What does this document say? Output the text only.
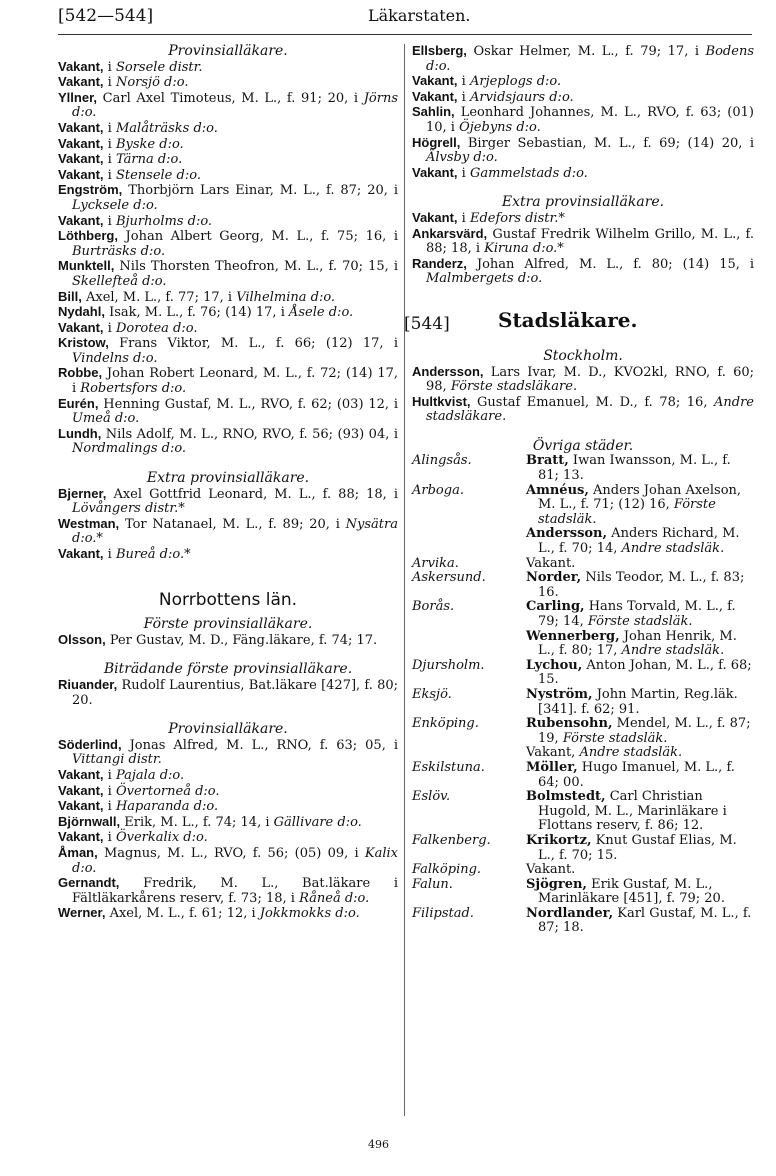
[542—544]	Läkarstaten.
Provinsialläkare.
Vakant, i Sorsele distr.
Vakant, i Norsjö d:o.
Yllner, Carl Axel Timoteus, M. L., f. 91; 20, i Jörns d:o.
Vakant, i Malåträsks d:o.
Vakant, i Byske d:o.
Vakant, i Tärna d:o.
Vakant, i Stensele d:o.
Engström, Thorbjörn Lars Einar, M. L., f. 87; 20, i Lycksele d:o.
Vakant, i Bjurholms d:o.
Löthberg, Johan Albert Georg, M. L., f. 75; 16, i Burträsks d:o.
Munktell, Nils Thorsten Theofron, M. L., f. 70; 15, i Skellefteå d:o.
Bill, Axel, M. L., f. 77; 17, i Vilhelmina d:o.
Nydahl, Isak, M. L., f. 76; (14) 17, i Åsele d:o.
Vakant, i Dorotea d:o.
Kristow, Frans Viktor, M. L., f. 66; (12) 17, i Vindelns d:o.
Robbe, Johan Robert Leonard, M. L., f. 72; (14) 17, i Robertsfors d:o.
Eurén, Henning Gustaf, M. L., RVO, f. 62; (03) 12, i Umeå d:o.
Lundh, Nils Adolf, M. L., RNO, RVO, f. 56; (93) 04, i Nordmalings d:o.
Extra provinsialläkare.
Bjerner, Axel Gottfrid Leonard, M. L., f. 88; 18, i Lövångers distr.*
Westman, Tor Natanael, M. L., f. 89; 20, i Nysätra d:o.*
Vakant, i Bureå d:o.*
Norrbottens län.
Förste provinsialläkare.
Olsson, Per Gustav, M. D., Fäng.läkare, f. 74; 17.
Biträdande förste provinsialläkare.
Riuander, Rudolf Laurentius, Bat.läkare [427], f. 80; 20.
Provinsialläkare.
Söderlind, Jonas Alfred, M. L., RNO, f. 63; 05, i Vittangi distr.
Vakant, i Pajala d:o.
Vakant, i Övertorneå d:o.
Vakant, i Haparanda d:o.
Björnwall, Erik, M. L., f. 74; 14, i Gällivare d:o.
Vakant, i Överkalix d:o.
Åman, Magnus, M. L., RVO, f. 56; (05) 09, i Kalix d:o.
Gernandt, Fredrik, M. L., Bat.läkare i Fältläkarkårens reserv, f. 73; 18, i Råneå d:o.
Werner, Axel, M. L., f. 61; 12, i Jokkmokks d:o.
Ellsberg, Oskar Helmer, M. L., f. 79; 17, i Bodens d:o.
Vakant, i Arjeplogs d:o.
Vakant, i Arvidsjaurs d:o.
Sahlin, Leonhard Johannes, M. L., RVO, f. 63; (01) 10, i Öjebyns d:o.
Högrell, Birger Sebastian, M. L., f. 69; (14) 20, i Älvsby d:o.
Vakant, i Gammelstads d:o.
Extra provinsialläkare.
Vakant, i Edefors distr.*
Ankarsvärd, Gustaf Fredrik Wilhelm Grillo, M. L., f. 88; 18, i Kiruna d:o.*
Randerz, Johan Alfred, M. L., f. 80; (14) 15, i Malmbergets d:o.
[544] Stadsläkare.
Stockholm.
Andersson, Lars Ivar, M. D., KVO2kl, RNO, f. 60; 98, Förste stadsläkare.
Hultkvist, Gustaf Emanuel, M. D., f. 78; 16, Andre stadsläkare.
Övriga städer.
Alingsås.	Bratt, Iwan Iwansson, M. L., f. 81; 13.
Arboga.	Amnéus, Anders Johan Axelson, M. L., f. 71; (12) 16, Förste stadsläk.
Andersson, Anders Richard, M. L., f. 70; 14, Andre stadsläk.
Arvika.	Vakant.
Askersund.	Norder, Nils Teodor, M. L., f. 83; 16.
Borås.	Carling, Hans Torvald, M. L., f. 79; 14, Förste stadsläk.
Wennerberg, Johan Henrik, M. L., f. 80; 17, Andre stadsläk.
Djursholm.	Lychou, Anton Johan, M. L., f. 68; 15.
Eksjö.	Nyström, John Martin, Reg.läk. [341]. f. 62; 91.
Enköping.	Rubensohn, Mendel, M. L., f. 87; 19, Förste stadsläk.
Vakant, Andre stadsläk.
Eskilstuna.	Möller, Hugo Imanuel, M. L., f. 64; 00.
Eslöv.	Bolmstedt, Carl Christian Hugold, M. L., Marinläkare i Flottans reserv, f. 86; 12.
Falkenberg.	Krikortz, Knut Gustaf Elias, M. L., f. 70; 15.
Falköping.	Vakant.
Falun.	Sjögren, Erik Gustaf, M. L., Marinläkare [451], f. 79; 20.
Filipstad.	Nordlander, Karl Gustaf, M. L., f. 87; 18.
496
